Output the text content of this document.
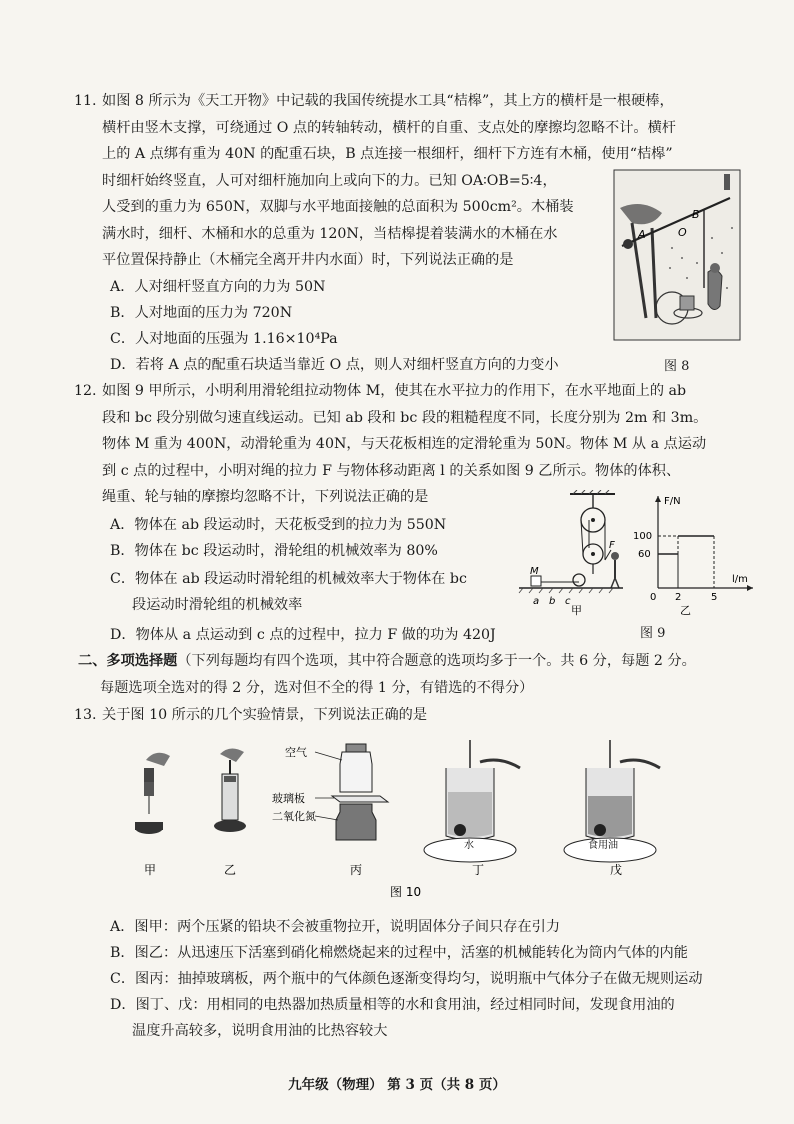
11. 如图 8 所示为《天工开物》中记载的我国传统提水工具“桔槔”，其上方的横杆是一根硬棒，
横杆由竖木支撑，可绕通过 O 点的转轴转动，横杆的自重、支点处的摩擦均忽略不计。横杆
上的 A 点绑有重为 40N 的配重石块，B 点连接一根细杆，细杆下方连有木桶，使用“桔槔”
时细杆始终竖直，人可对细杆施加向上或向下的力。已知 OA∶OB=5∶4，
人受到的重力为 650N，双脚与水平地面接触的总面积为 500cm²。木桶装
满水时，细杆、木桶和水的总重为 120N，当桔槔提着装满水的木桶在水
平位置保持静止（木桶完全离开井内水面）时，下列说法正确的是
A．人对细杆竖直方向的力为 50N
B．人对地面的压力为 720N
C．人对地面的压强为 1.16×10⁴Pa
D．若将 A 点的配重石块适当靠近 O 点，则人对细杆竖直方向的力变小
A	O
B
图 8
12. 如图 9 甲所示，小明利用滑轮组拉动物体 M，使其在水平拉力的作用下，在水平地面上的 ab
段和 bc 段分别做匀速直线运动。已知 ab 段和 bc 段的粗糙程度不同，长度分别为 2m 和 3m。
物体 M 重为 400N，动滑轮重为 40N，与天花板相连的定滑轮重为 50N。物体 M 从 a 点运动
到 c 点的过程中，小明对绳的拉力 F 与物体移动距离 l 的关系如图 9 乙所示。物体的体积、
绳重、轮与轴的摩擦均忽略不计，下列说法正确的是
A．物体在 ab 段运动时，天花板受到的拉力为 550N
B．物体在 bc 段运动时，滑轮组的机械效率为 80%
C．物体在 ab 段运动时滑轮组的机械效率大于物体在 bc
段运动时滑轮组的机械效率
D．物体从 a 点运动到 c 点的过程中，拉力 F 做的功为 420J
M
a b c
F
甲
F/N
l/m
100
60
0 2	5
乙
图 9
二、多项选择题（下列每题均有四个选项，其中符合题意的选项均多于一个。共 6 分，每题 2 分。
每题选项全选对的得 2 分，选对但不全的得 1 分，有错选的不得分）
13. 关于图 10 所示的几个实验情景，下列说法正确的是
空气
玻璃板
二氧化氮
水	食用油
甲	乙	丙	丁	戊
图 10
A．图甲：两个压紧的铅块不会被重物拉开，说明固体分子间只存在引力
B．图乙：从迅速压下活塞到硝化棉燃烧起来的过程中，活塞的机械能转化为筒内气体的内能
C．图丙：抽掉玻璃板，两个瓶中的气体颜色逐渐变得均匀，说明瓶中气体分子在做无规则运动
D．图丁、戊：用相同的电热器加热质量相等的水和食用油，经过相同时间，发现食用油的
温度升高较多，说明食用油的比热容较大
九年级（物理） 第 3 页（共 8 页）
